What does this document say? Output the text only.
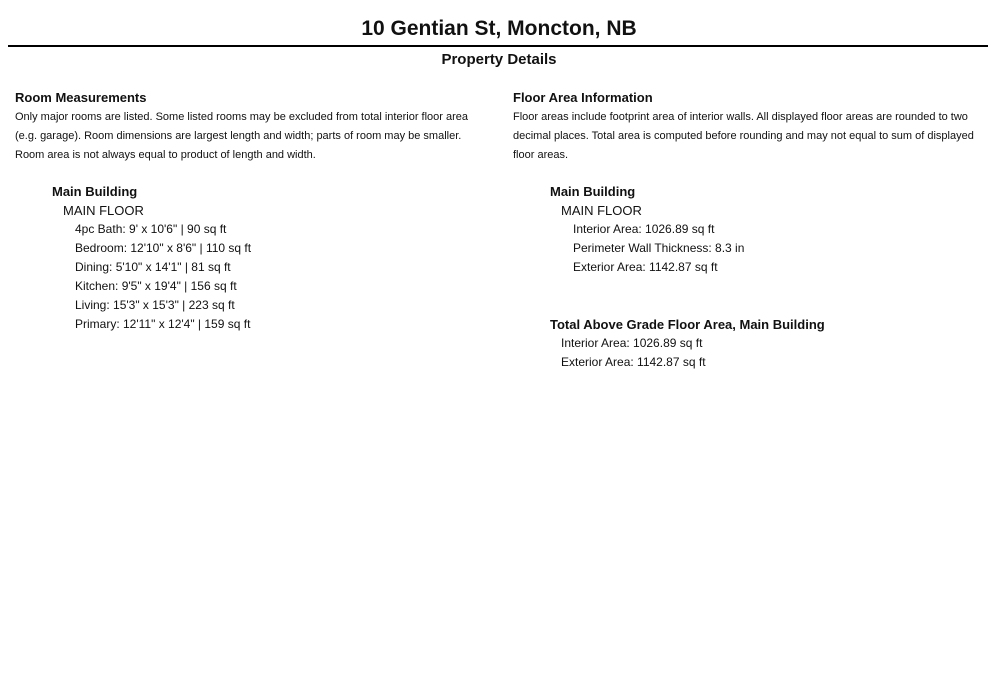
10 Gentian St, Moncton, NB
Property Details
Room Measurements
Only major rooms are listed. Some listed rooms may be excluded from total interior floor area (e.g. garage). Room dimensions are largest length and width; parts of room may be smaller. Room area is not always equal to product of length and width.
Main Building
MAIN FLOOR
4pc Bath: 9' x 10'6" | 90 sq ft
Bedroom: 12'10" x 8'6" | 110 sq ft
Dining: 5'10" x 14'1" | 81 sq ft
Kitchen: 9'5" x 19'4" | 156 sq ft
Living: 15'3" x 15'3" | 223 sq ft
Primary: 12'11" x 12'4" | 159 sq ft
Floor Area Information
Floor areas include footprint area of interior walls. All displayed floor areas are rounded to two decimal places. Total area is computed before rounding and may not equal to sum of displayed floor areas.
Main Building
MAIN FLOOR
Interior Area: 1026.89 sq ft
Perimeter Wall Thickness: 8.3 in
Exterior Area: 1142.87 sq ft
Total Above Grade Floor Area, Main Building
Interior Area: 1026.89 sq ft
Exterior Area: 1142.87 sq ft
